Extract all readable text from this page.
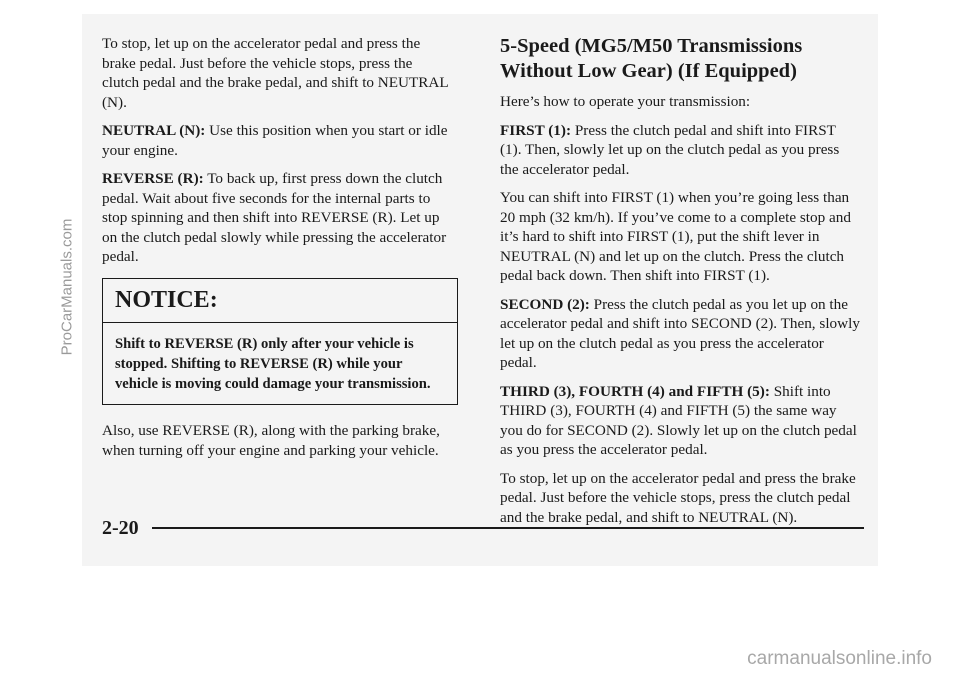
ProCarManuals.com

To stop, let up on the accelerator pedal and press the brake pedal. Just before the vehicle stops, press the clutch pedal and the brake pedal, and shift to NEUTRAL (N).

NEUTRAL (N): Use this position when you start or idle your engine.

REVERSE (R): To back up, first press down the clutch pedal. Wait about five seconds for the internal parts to stop spinning and then shift into REVERSE (R). Let up on the clutch pedal slowly while pressing the accelerator pedal.

NOTICE:

Shift to REVERSE (R) only after your vehicle is stopped. Shifting to REVERSE (R) while your vehicle is moving could damage your transmission.

Also, use REVERSE (R), along with the parking brake, when turning off your engine and parking your vehicle.

5-Speed (MG5/M50 Transmissions Without Low Gear) (If Equipped)

Here’s how to operate your transmission:

FIRST (1): Press the clutch pedal and shift into FIRST (1). Then, slowly let up on the clutch pedal as you press the accelerator pedal.

You can shift into FIRST (1) when you’re going less than 20 mph (32 km/h). If you’ve come to a complete stop and it’s hard to shift into FIRST (1), put the shift lever in NEUTRAL (N) and let up on the clutch. Press the clutch pedal back down. Then shift into FIRST (1).

SECOND (2): Press the clutch pedal as you let up on the accelerator pedal and shift into SECOND (2). Then, slowly let up on the clutch pedal as you press the accelerator pedal.

THIRD (3), FOURTH (4) and FIFTH (5): Shift into THIRD (3), FOURTH (4) and FIFTH (5) the same way you do for SECOND (2). Slowly let up on the clutch pedal as you press the accelerator pedal.

To stop, let up on the accelerator pedal and press the brake pedal. Just before the vehicle stops, press the clutch pedal and the brake pedal, and shift to NEUTRAL (N).

2-20
carmanualsonline.info
